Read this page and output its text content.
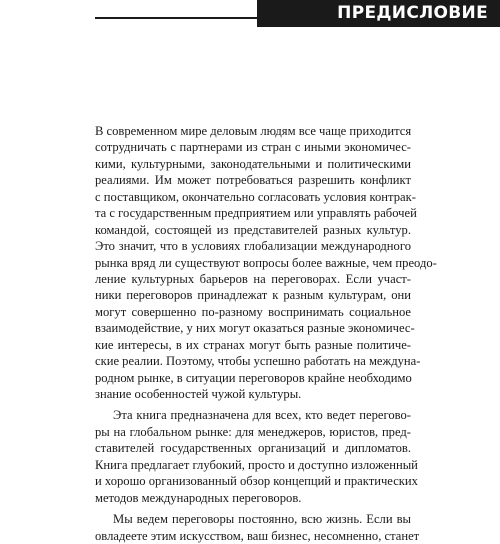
ПРЕДИСЛОВИЕ
В современном мире деловым людям все чаще приходится
сотрудничать с партнерами из стран с иными экономичес-
кими, культурными, законодательными и политическими
реалиями. Им может потребоваться разрешить конфликт
с поставщиком, окончательно согласовать условия контрак-
та с государственным предприятием или управлять рабочей
командой, состоящей из представителей разных культур.
Это значит, что в условиях глобализации международного
рынка вряд ли существуют вопросы более важные, чем преодо-
ление культурных барьеров на переговорах. Если участ-
ники переговоров принадлежат к разным культурам, они
могут совершенно по-разному воспринимать социальное
взаимодействие, у них могут оказаться разные экономичес-
кие интересы, в их странах могут быть разные политиче-
ские реалии. Поэтому, чтобы успешно работать на междуна-
родном рынке, в ситуации переговоров крайне необходимо
знание особенностей чужой культуры.
Эта книга предназначена для всех, кто ведет перегово-
ры на глобальном рынке: для менеджеров, юристов, пред-
ставителей государственных организаций и дипломатов.
Книга предлагает глубокий, просто и доступно изложенный
и хорошо организованный обзор концепций и практических
методов международных переговоров.
Мы ведем переговоры постоянно, всю жизнь. Если вы
овладеете этим искусством, ваш бизнес, несомненно, станет
